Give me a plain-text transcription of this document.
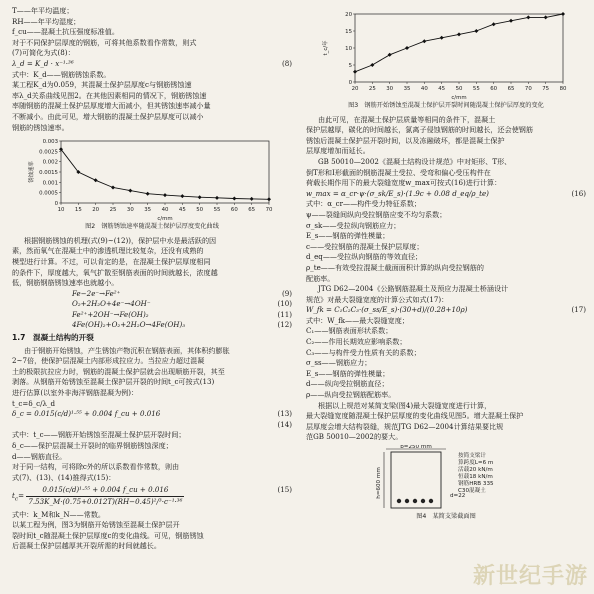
T——年平均温度；
RH——年平均湿度；
f_cu——混凝土抗压强度标准值。
对于不同保护层厚度的钢筋，可将其他系数看作常数，则式
(7)可简化为式(8)：
λ_d = K_d · x⁻¹·³⁶	(8)
式中：K_d——钢筋锈蚀系数。
某工程K_d为0.059，其混凝土保护层厚度c与钢筋锈蚀速
率λ_d关系曲线见图2。在其他因素相同的情况下，钢筋锈蚀速
率随钢筋的混凝土保护层厚度增大而减小，但其锈蚀速率减小量
不断减小。由此可见，增大钢筋的混凝土保护层厚度可以减小
钢筋的锈蚀速率。
10 15 20 25 30 35 40 45 50 55 60 65 70
0
0.0005
0.001
0.0015
0.002
0.0025
0.003
c/mm
锈蚀速率
图2　钢筋锈蚀速率随混凝土保护层厚度变化曲线
根据钢筋锈蚀的机理(式(9)~(12))，保护层中水是最活跃的因
素，然而氧气在混凝土中的渗透机理比较复杂，还没有成熟的
模型进行计算。不过，可以肯定的是，在混凝土保护层厚度相同
的条件下，厚度越大，氧气扩散至钢筋表面的时间就越长，浓度越
低，钢筋钢筋锈蚀速率也就越小。
Fe−2e⁻→Fe²⁺	(9)
O₂+2H₂O+4e⁻→4OH⁻	(10)
Fe²⁺+2OH⁻→Fe(OH)₂	(11)
4Fe(OH)₂+O₂+2H₂O→4Fe(OH)₃	(12)
1.7　混凝土结构的开裂
由于钢筋开始锈蚀，产生锈蚀产物沉积在钢筋表面，其体积约膨胀
2~7倍，使保护层混凝土内部形成拉应力。当拉应力超过混凝
土的极限抗拉应力时，钢筋的混凝土保护层就会出现顺筋开裂，其至
剥落。从钢筋开始锈蚀至混凝土保护层开裂的时间t_c可按式(13)
进行估算(以室外非海洋钢筋混凝为例)：
t_c=δ_c/λ_d
δ_c = 0.015(c/d)¹·⁵⁵ + 0.004 f_cu + 0.016	(13)
(14)
式中：t_c——钢筋开始锈蚀至混凝土保护层开裂时间；
δ_c——保护层混凝土开裂时的临界钢筋锈蚀深度；
d——钢筋直径。
对于同一结构，可将除c外的所以系数看作常数，则由
式(7)、(13)、(14)推得式(15)：
$t_c= \frac{\text{0.015(c/d)¹·⁵⁵ + 0.004 f\_cu + 0.016}}{\text{7.53K\_M·(0.75+0.012T)(RH−0.45)²/³·c⁻¹·³⁶}}$	(15)
式中：k_M和k_N——常数。
以某工程为例，图3为钢筋开始锈蚀至混凝土保护层开
裂时间t_c随混凝土保护层厚度c的变化曲线。可见，钢筋锈蚀
后混凝土保护层越厚其开裂所需的时间就越长。
20 25 30 35 40 45 50 55 60 65 70 75 80
0
5
10
15
20
c/mm
t_c/年
图3　钢筋开始锈蚀至混凝土保护层开裂时间随混凝土保护层厚度的变化
由此可见，在混凝土保护层质量等相同的条件下，混凝土
保护层越厚，碳化的时间越长，氯离子侵蚀钢筋的时间越长，还会使钢筋
锈蚀后混凝土保护层开裂时间，以及冻融破坏，都是混凝土保护
层厚度增加而延长。
GB 50010—2002《混凝土结构设计规范》中对矩形、T形、
倒T形和I形截面的钢筋混凝土受拉、受弯和偏心受压构件在
荷载长期作用下的最大裂缝宽度w_max可按式(16)进行计算：
w_max = α_cr·ψ·(σ_sk/E_s)·(1.9c + 0.08 d_eq/ρ_te)	(16)
式中：α_cr——构件受力特征系数；
ψ——裂缝间纵向受拉钢筋应变不均匀系数；
σ_sk——受拉纵向钢筋应力；
E_s——钢筋的弹性模量；
c——受拉钢筋的混凝土保护层厚度；
d_eq——受拉纵向钢筋的等效直径；
ρ_te——有效受拉混凝土截面面积计算的纵向受拉钢筋的
配筋率。
JTG D62—2004《公路钢筋混凝土及预应力混凝土桥涵设计
规范》对最大裂缝宽度的计算公式如式(17)：
W_fk = C₁C₂C₃·(σ_ss/E_s)·(30+d)/(0.28+10ρ)	(17)
式中：W_fk——最大裂缝宽度；
C₁——钢筋表面形状系数；
C₂——作用长期效应影响系数；
C₃——与构件受力性质有关的系数；
σ_ss——钢筋应力；
E_s——钢筋的弹性模量；
d——纵向受拉钢筋直径；
ρ——纵向受拉钢筋配筋率。
根据以上规范对某简支梁(图4)最大裂缝宽度进行计算，
最大裂缝宽度随混凝土保护层厚度的变化曲线见图5。增大混凝土保护
层厚度会增大结构裂缝，规范JTG D62—2004计算结果要比规
范GB 50010—2002的要大。
b=250 mm
h=600 mm	d=22
按简支梁计
算跨度L=6 m
活载20 kN/m
恒载18 kN/m
钢筋HRB 335
C30混凝土
图4　某简支梁截面图
新世纪手游
